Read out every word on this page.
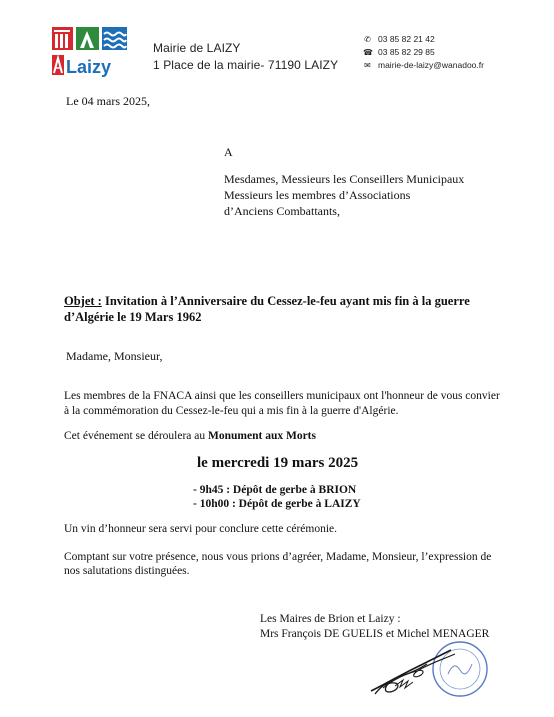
Laizy
Mairie de LAIZY
1 Place de la mairie- 71190 LAIZY
✆ 03 85 82 21 42
☎ 03 85 82 29 85
✉ mairie-de-laizy@wanadoo.fr
Le 04 mars 2025,
A
Mesdames, Messieurs les Conseillers Municipaux
Messieurs les membres d’Associations
d’Anciens Combattants,
Objet : Invitation à l’Anniversaire du Cessez-le-feu ayant mis fin à la guerre
d’Algérie le 19 Mars 1962
Madame, Monsieur,
Les membres de la FNACA ainsi que les conseillers municipaux ont l'honneur de vous convier
à la commémoration du Cessez-le-feu qui a mis fin à la guerre d'Algérie.
Cet événement se déroulera au Monument aux Morts
le mercredi 19 mars 2025
- 9h45 : Dépôt de gerbe à BRION
- 10h00 : Dépôt de gerbe à LAIZY
Un vin d’honneur sera servi pour conclure cette cérémonie.
Comptant sur votre présence, nous vous prions d’agréer, Madame, Monsieur, l’expression de
nos salutations distinguées.
Les Maires de Brion et Laizy :
Mrs François DE GUELIS et Michel MENAGER
